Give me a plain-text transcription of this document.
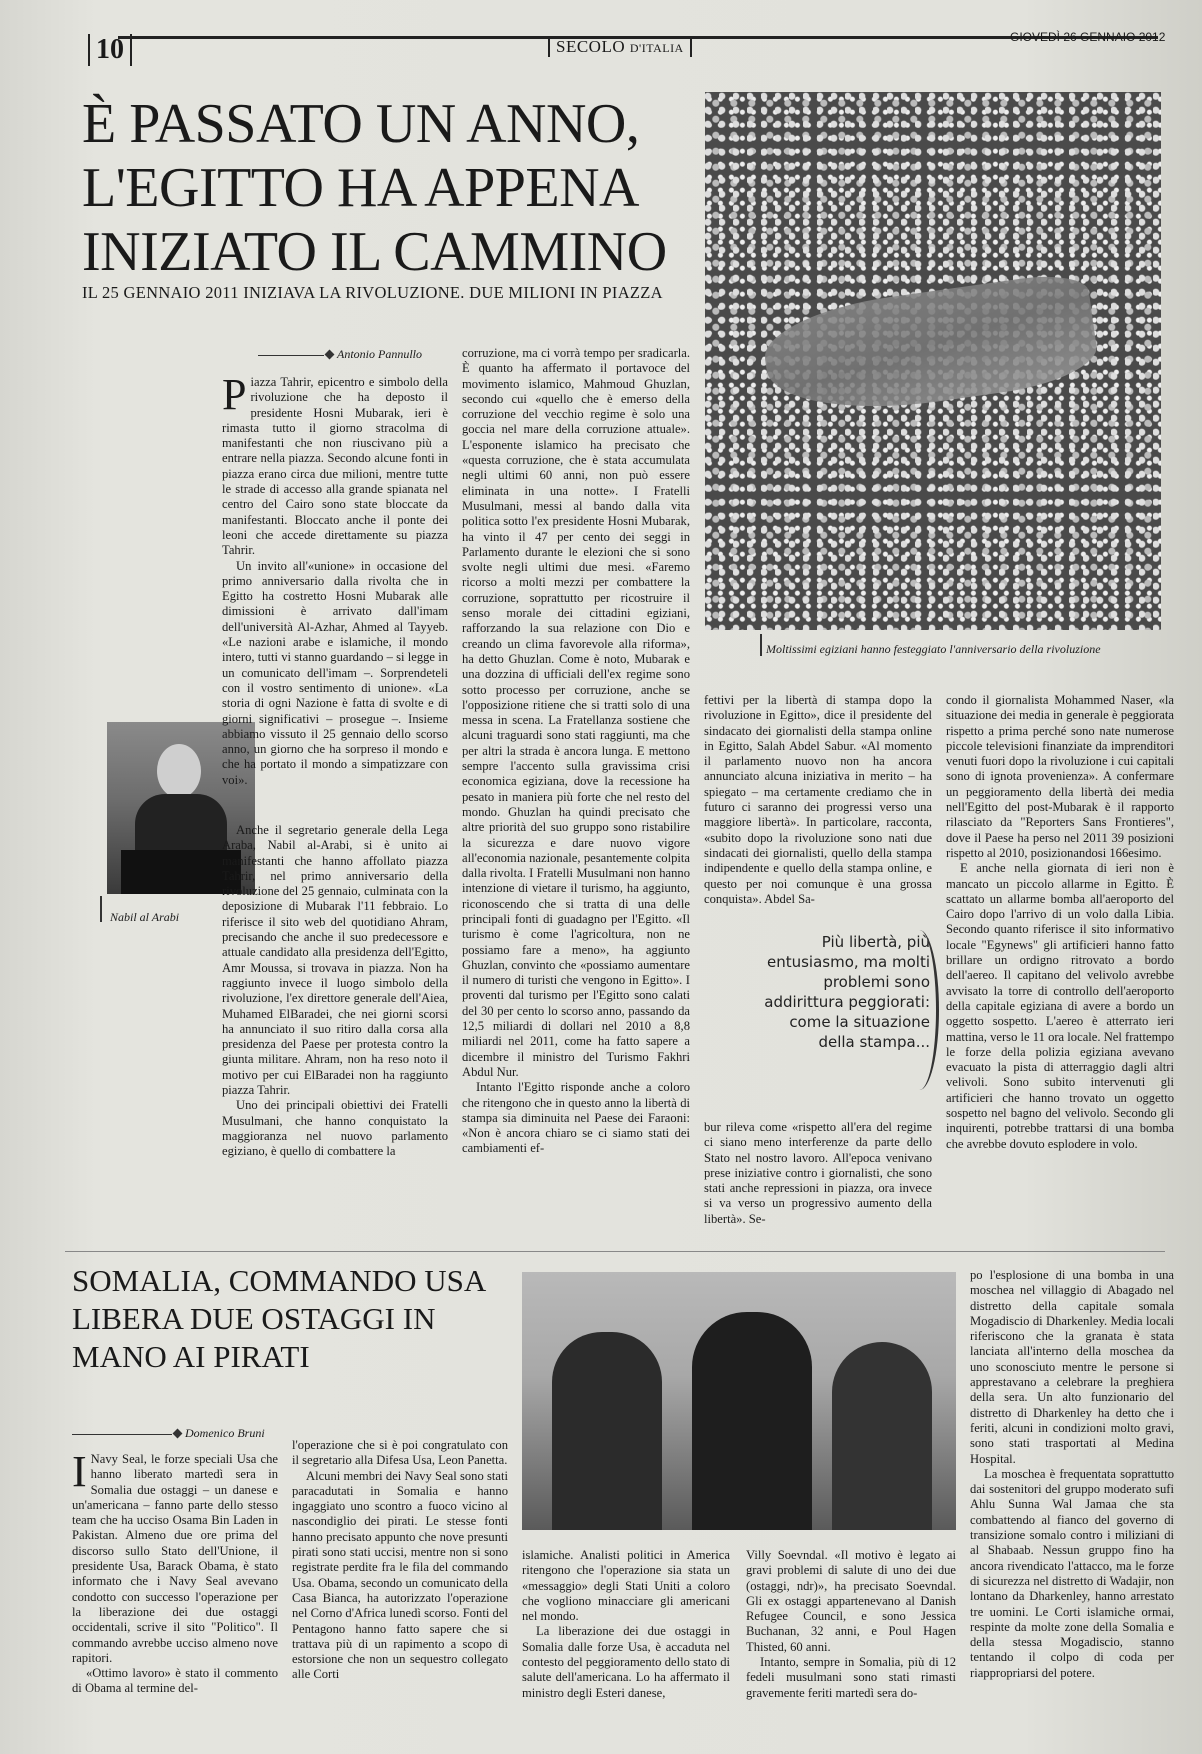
10	SECOLO D'ITALIA
GIOVEDÌ 26 GENNAIO 2012
È PASSATO UN ANNO, L'EGITTO HA APPENA INIZIATO IL CAMMINO
IL 25 GENNAIO 2011 INIZIAVA LA RIVOLUZIONE. DUE MILIONI IN PIAZZA
Moltissimi egiziani hanno festeggiato l'anniversario della rivoluzione
Antonio Pannullo
Nabil al Arabi

Piazza Tahrir, epicentro e simbolo della rivoluzione che ha deposto il presidente Hosni Mubarak, ieri è rimasta tutto il giorno stracolma di manifestanti che non riuscivano più a entrare nella piazza. Secondo alcune fonti in piazza erano circa due milioni, mentre tutte le strade di accesso alla grande spianata nel centro del Cairo sono state bloccate da manifestanti. Bloccato anche il ponte dei leoni che accede direttamente su piazza Tahrir.

Un invito all'«unione» in occasione del primo anniversario dalla rivolta che in Egitto ha costretto Hosni Mubarak alle dimissioni è arrivato dall'imam dell'università Al-Azhar, Ahmed al Tayyeb. «Le nazioni arabe e islamiche, il mondo intero, tutti vi stanno guardando – si legge in un comunicato dell'imam –. Sorprendeteli con il vostro sentimento di unione». «La storia di ogni Nazione è fatta di svolte e di giorni significativi – prosegue –. Insieme abbiamo vissuto il 25 gennaio dello scorso anno, un giorno che ha sorpreso il mondo e che ha portato il mondo a simpatizzare con voi».

Anche il segretario generale della Lega Araba, Nabil al-Arabi, si è unito ai manifestanti che hanno affollato piazza Tahrir, nel primo anniversario della rivoluzione del 25 gennaio, culminata con la deposizione di Mubarak l'11 febbraio. Lo riferisce il sito web del quotidiano Ahram, precisando che anche il suo predecessore e attuale candidato alla presidenza dell'Egitto, Amr Moussa, si trovava in piazza. Non ha raggiunto invece il luogo simbolo della rivoluzione, l'ex direttore generale dell'Aiea, Muhamed ElBaradei, che nei giorni scorsi ha annunciato il suo ritiro dalla corsa alla presidenza del Paese per protesta contro la giunta militare. Ahram, non ha reso noto il motivo per cui ElBaradei non ha raggiunto piazza Tahrir.

Uno dei principali obiettivi dei Fratelli Musulmani, che hanno conquistato la maggioranza nel nuovo parlamento egiziano, è quello di combattere la

corruzione, ma ci vorrà tempo per sradicarla. È quanto ha affermato il portavoce del movimento islamico, Mahmoud Ghuzlan, secondo cui «quello che è emerso della corruzione del vecchio regime è solo una goccia nel mare della corruzione attuale». L'esponente islamico ha precisato che «questa corruzione, che è stata accumulata negli ultimi 60 anni, non può essere eliminata in una notte». I Fratelli Musulmani, messi al bando dalla vita politica sotto l'ex presidente Hosni Mubarak, ha vinto il 47 per cento dei seggi in Parlamento durante le elezioni che si sono svolte negli ultimi due mesi. «Faremo ricorso a molti mezzi per combattere la corruzione, soprattutto per ricostruire il senso morale dei cittadini egiziani, rafforzando la sua relazione con Dio e creando un clima favorevole alla riforma», ha detto Ghuzlan. Come è noto, Mubarak e una dozzina di ufficiali dell'ex regime sono sotto processo per corruzione, anche se l'opposizione ritiene che si tratti solo di una messa in scena. La Fratellanza sostiene che alcuni traguardi sono stati raggiunti, ma che per altri la strada è ancora lunga. E mettono sempre l'accento sulla gravissima crisi economica egiziana, dove la recessione ha pesato in maniera più forte che nel resto del mondo. Ghuzlan ha quindi precisato che altre priorità del suo gruppo sono ristabilire la sicurezza e dare nuovo vigore all'economia nazionale, pesantemente colpita dalla rivolta. I Fratelli Musulmani non hanno intenzione di vietare il turismo, ha aggiunto, riconoscendo che si tratta di una delle principali fonti di guadagno per l'Egitto. «Il turismo è come l'agricoltura, non ne possiamo fare a meno», ha aggiunto Ghuzlan, convinto che «possiamo aumentare il numero di turisti che vengono in Egitto». I proventi dal turismo per l'Egitto sono calati del 30 per cento lo scorso anno, passando da 12,5 miliardi di dollari nel 2010 a 8,8 miliardi nel 2011, come ha fatto sapere a dicembre il ministro del Turismo Fakhri Abdul Nur.

Intanto l'Egitto risponde anche a coloro che ritengono che in questo anno la libertà di stampa sia diminuita nel Paese dei Faraoni: «Non è ancora chiaro se ci siamo stati dei cambiamenti ef-

fettivi per la libertà di stampa dopo la rivoluzione in Egitto», dice il presidente del sindacato dei giornalisti della stampa online in Egitto, Salah Abdel Sabur. «Al momento il parlamento nuovo non ha ancora annunciato alcuna iniziativa in merito – ha spiegato – ma certamente crediamo che in futuro ci saranno dei progressi verso una maggiore libertà». In particolare, racconta, «subito dopo la rivoluzione sono nati due sindacati dei giornalisti, quello della stampa indipendente e quello della stampa online, e questo per noi comunque è una grossa conquista». Abdel Sa-

Più libertà, più entusiasmo, ma molti problemi sono addirittura peggiorati: come la situazione della stampa...

bur rileva come «rispetto all'era del regime ci siano meno interferenze da parte dello Stato nel nostro lavoro. All'epoca venivano prese iniziative contro i giornalisti, che sono stati anche repressioni in piazza, ora invece si va verso un progressivo aumento della libertà». Se-

condo il giornalista Mohammed Naser, «la situazione dei media in generale è peggiorata rispetto a prima perché sono nate numerose piccole televisioni finanziate da imprenditori venuti fuori dopo la rivoluzione i cui capitali sono di ignota provenienza». A confermare un peggioramento della libertà dei media nell'Egitto del post-Mubarak è il rapporto rilasciato da "Reporters Sans Frontieres", dove il Paese ha perso nel 2011 39 posizioni rispetto al 2010, posizionandosi 166esimo.

E anche nella giornata di ieri non è mancato un piccolo allarme in Egitto. È scattato un allarme bomba all'aeroporto del Cairo dopo l'arrivo di un volo dalla Libia. Secondo quanto riferisce il sito informativo locale "Egynews" gli artificieri hanno fatto brillare un ordigno ritrovato a bordo dell'aereo. Il capitano del velivolo avrebbe avvisato la torre di controllo dell'aeroporto della capitale egiziana di avere a bordo un oggetto sospetto. L'aereo è atterrato ieri mattina, verso le 11 ora locale. Nel frattempo le forze della polizia egiziana avevano evacuato la pista di atterraggio dagli altri velivoli. Sono subito intervenuti gli artificieri che hanno trovato un oggetto sospetto nel bagno del velivolo. Secondo gli inquirenti, potrebbe trattarsi di una bomba che avrebbe dovuto esplodere in volo.

SOMALIA, COMMANDO USA LIBERA DUE OSTAGGI IN MANO AI PIRATI
Domenico Bruni

I Navy Seal, le forze speciali Usa che hanno liberato martedì sera in Somalia due ostaggi – un danese e un'americana – fanno parte dello stesso team che ha ucciso Osama Bin Laden in Pakistan. Almeno due ore prima del discorso sullo Stato dell'Unione, il presidente Usa, Barack Obama, è stato informato che i Navy Seal avevano condotto con successo l'operazione per la liberazione dei due ostaggi occidentali, scrive il sito "Politico". Il commando avrebbe ucciso almeno nove rapitori.

«Ottimo lavoro» è stato il commento di Obama al termine del-

l'operazione che si è poi congratulato con il segretario alla Difesa Usa, Leon Panetta.

Alcuni membri dei Navy Seal sono stati paracadutati in Somalia e hanno ingaggiato uno scontro a fuoco vicino al nascondiglio dei pirati. Le stesse fonti hanno precisato appunto che nove presunti pirati sono stati uccisi, mentre non si sono registrate perdite fra le fila del commando Usa. Obama, secondo un comunicato della Casa Bianca, ha autorizzato l'operazione nel Corno d'Africa lunedì scorso. Fonti del Pentagono hanno fatto sapere che si trattava più di un rapimento a scopo di estorsione che non un sequestro collegato alle Corti

islamiche. Analisti politici in America ritengono che l'operazione sia stata un «messaggio» degli Stati Uniti a coloro che vogliono minacciare gli americani nel mondo.

La liberazione dei due ostaggi in Somalia dalle forze Usa, è accaduta nel contesto del peggioramento dello stato di salute dell'americana. Lo ha affermato il ministro degli Esteri danese,

Villy Soevndal. «Il motivo è legato ai gravi problemi di salute di uno dei due (ostaggi, ndr)», ha precisato Soevndal. Gli ex ostaggi appartenevano al Danish Refugee Council, e sono Jessica Buchanan, 32 anni, e Poul Hagen Thisted, 60 anni.

Intanto, sempre in Somalia, più di 12 fedeli musulmani sono stati rimasti gravemente feriti martedì sera do-

po l'esplosione di una bomba in una moschea nel villaggio di Abagado nel distretto della capitale somala Mogadiscio di Dharkenley. Media locali riferiscono che la granata è stata lanciata all'interno della moschea da uno sconosciuto mentre le persone si apprestavano a celebrare la preghiera della sera. Un alto funzionario del distretto di Dharkenley ha detto che i feriti, alcuni in condizioni molto gravi, sono stati trasportati al Medina Hospital.

La moschea è frequentata soprattutto dai sostenitori del gruppo moderato sufi Ahlu Sunna Wal Jamaa che sta combattendo al fianco del governo di transizione somalo contro i miliziani di al Shabaab. Nessun gruppo fino ha ancora rivendicato l'attacco, ma le forze di sicurezza nel distretto di Wadajir, non lontano da Dharkenley, hanno arrestato tre uomini. Le Corti islamiche ormai, respinte da molte zone della Somalia e della stessa Mogadiscio, stanno tentando il colpo di coda per riappropriarsi del potere.
